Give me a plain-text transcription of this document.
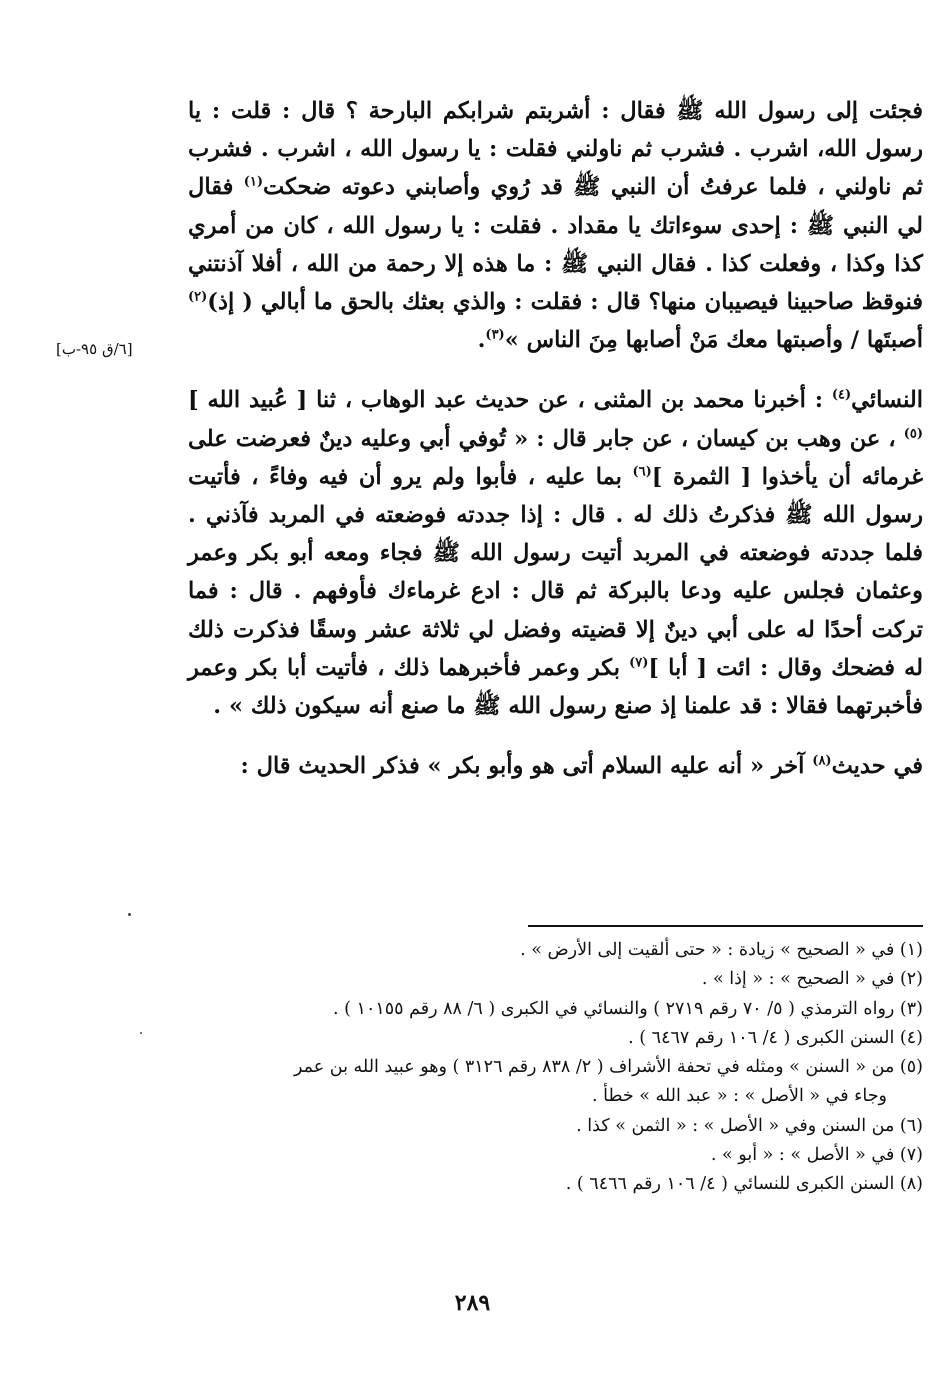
فجئت إلى رسول الله ﷺ فقال : أشربتم شرابكم البارحة ؟ قال : قلت : يا رسول الله، اشرب . فشرب ثم ناولني فقلت : يا رسول الله ، اشرب . فشرب ثم ناولني ، فلما عرفتُ أن النبي ﷺ قد رُوي وأصابني دعوته ضحكت$^{(١)}$ فقال لي النبي ﷺ : إحدى سوءاتك يا مقداد . فقلت : يا رسول الله ، كان من أمري كذا وكذا ، وفعلت كذا . فقال النبي ﷺ : ما هذه إلا رحمة من الله ، أفلا آذنتني فنوقظ صاحبينا فيصيبان منها؟ قال : فقلت : والذي بعثك بالحق ما أبالي ( إذ)$^{(٢)}$ أصبتَها / وأصبتها معك مَنْ أصابها مِنَ الناس »$^{(٣)}$.

النسائي$^{(٤)}$ : أخبرنا محمد بن المثنى ، عن حديث عبد الوهاب ، ثنا [ عُبيد الله ]$^{(٥)}$ ، عن وهب بن كيسان ، عن جابر قال : « تُوفي أبي وعليه دينٌ فعرضت على غرمائه أن يأخذوا [ الثمرة ]$^{(٦)}$ بما عليه ، فأبوا ولم يرو أن فيه وفاءً ، فأتيت رسول الله ﷺ فذكرتُ ذلك له . قال : إذا جددته فوضعته في المربد فآذني . فلما جددته فوضعته في المربد أتيت رسول الله ﷺ فجاء ومعه أبو بكر وعمر وعثمان فجلس عليه ودعا بالبركة ثم قال : ادع غرماءك فأوفهم . قال : فما تركت أحدًا له على أبي دينٌ إلا قضيته وفضل لي ثلاثة عشر وسقًا فذكرت ذلك له فضحك وقال : ائت [ أبا ]$^{(٧)}$ بكر وعمر فأخبرهما ذلك ، فأتيت أبا بكر وعمر فأخبرتهما فقالا : قد علمنا إذ صنع رسول الله ﷺ ما صنع أنه سيكون ذلك » .

في حديث$^{(٨)}$ آخر « أنه عليه السلام أتى هو وأبو بكر » فذكر الحديث قال :

[٦/ق ٩٥-ب]

(١) في « الصحيح » زيادة : « حتى ألقيت إلى الأرض » .

(٢) في « الصحيح » : « إذا » .

(٣) رواه الترمذي ( ٥/ ٧٠ رقم ٢٧١٩ ) والنسائي في الكبرى ( ٦/ ٨٨ رقم ١٠١٥٥ ) .

(٤) السنن الكبرى ( ٤/ ١٠٦ رقم ٦٤٦٧ ) .

(٥) من « السنن » ومثله في تحفة الأشراف ( ٢/ ٨٣٨ رقم ٣١٢٦ ) وهو عبيد الله بن عمر

وجاء في « الأصل » : « عبد الله » خطأ .

(٦) من السنن وفي « الأصل » : « الثمن » كذا .

(٧) في « الأصل » : « أبو » .

(٨) السنن الكبرى للنسائي ( ٤/ ١٠٦ رقم ٦٤٦٦ ) .

٢٨٩
